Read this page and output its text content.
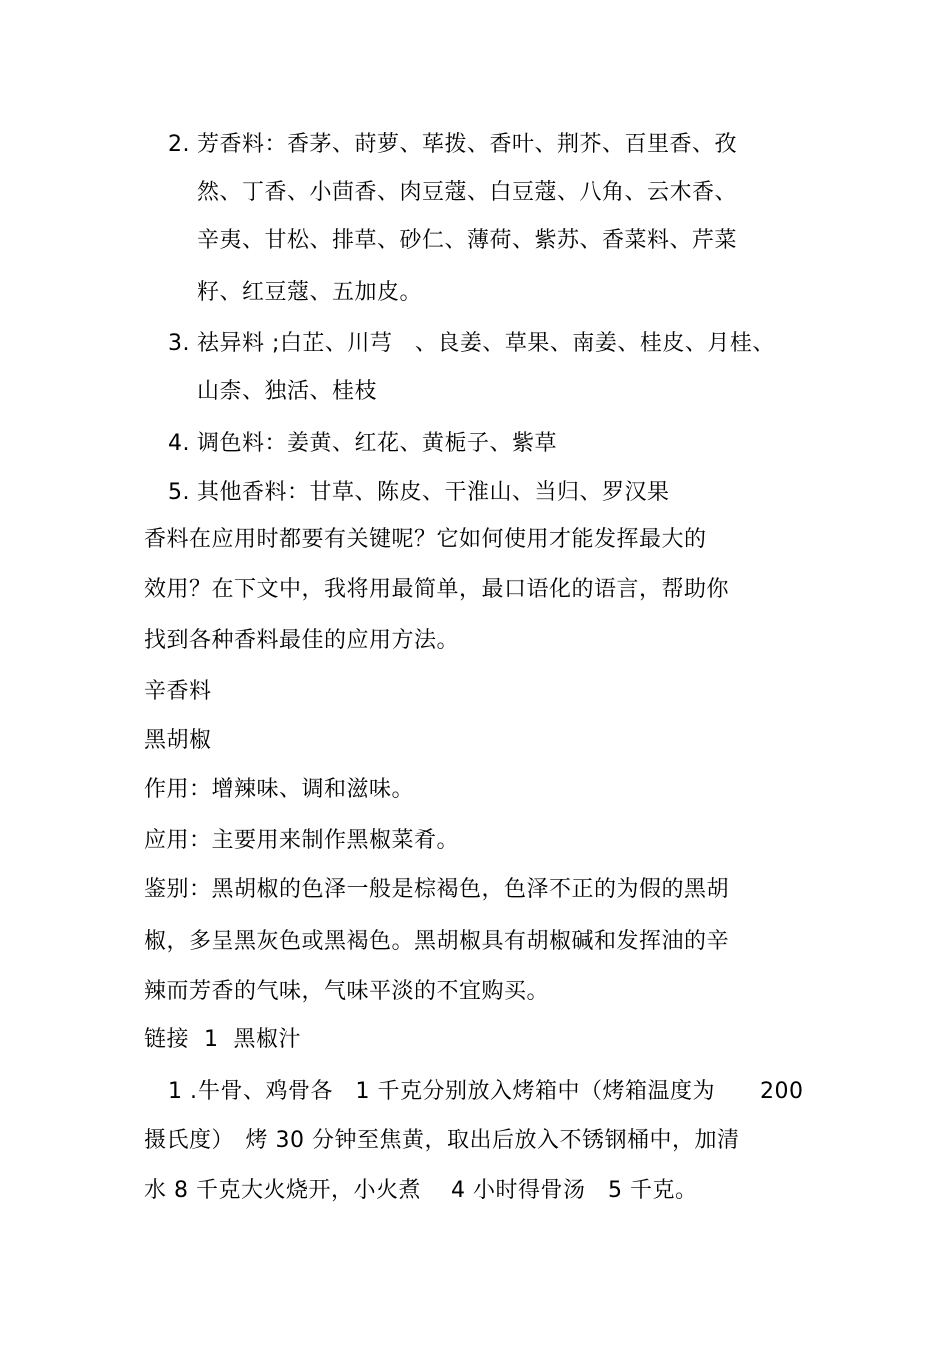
2. 芳香料：香茅、莳萝、荜拨、香叶、荆芥、百里香、孜
然、丁香、小茴香、肉豆蔻、白豆蔻、八角、云木香、
辛夷、甘松、排草、砂仁、薄荷、紫苏、香菜料、芹菜
籽、红豆蔻、五加皮。
3. 祛异料 ;白芷、川芎　、良姜、草果、南姜、桂皮、月桂、
山柰、独活、桂枝
4. 调色料：姜黄、红花、黄栀子、紫草
5. 其他香料：甘草、陈皮、干淮山、当归、罗汉果
香料在应用时都要有关键呢？它如何使用才能发挥最大的
效用？在下文中，我将用最简单，最口语化的语言，帮助你
找到各种香料最佳的应用方法。
辛香料
黑胡椒
作用：增辣味、调和滋味。
应用：主要用来制作黑椒菜肴。
鉴别：黑胡椒的色泽一般是棕褐色，色泽不正的为假的黑胡
椒，多呈黑灰色或黑褐色。黑胡椒具有胡椒碱和发挥油的辛
辣而芳香的气味，气味平淡的不宜购买。
链接  1  黑椒汁
1 . 牛骨、鸡骨各　1 千克分别放入烤箱中（烤箱温度为　　200
摄氏度）　烤 30 分钟至焦黄，取出后放入不锈钢桶中，加清
水 8 千克大火烧开，小火煮　 4 小时得骨汤　5 千克。
